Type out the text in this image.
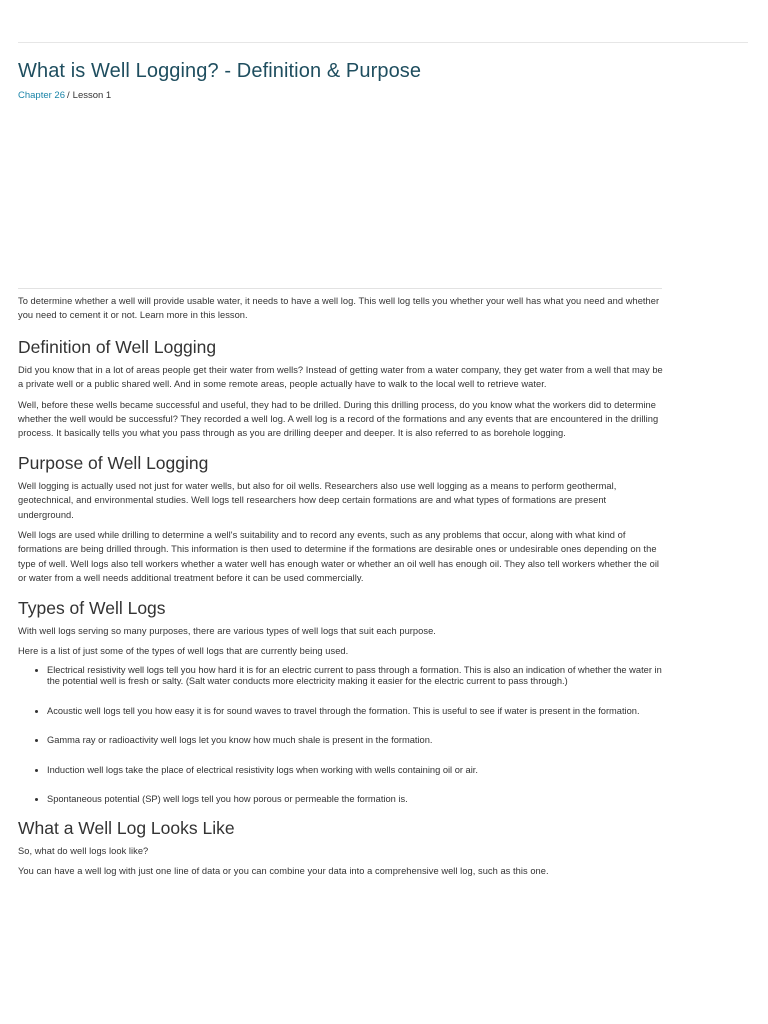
What is Well Logging? - Definition & Purpose
Chapter 26 / Lesson 1

To determine whether a well will provide usable water, it needs to have a well log. This well log tells you whether your well has what you need and whether you need to cement it or not. Learn more in this lesson.

Definition of Well Logging

Did you know that in a lot of areas people get their water from wells? Instead of getting water from a water company, they get water from a well that may be a private well or a public shared well. And in some remote areas, people actually have to walk to the local well to retrieve water.

Well, before these wells became successful and useful, they had to be drilled. During this drilling process, do you know what the workers did to determine whether the well would be successful? They recorded a well log. A well log is a record of the formations and any events that are encountered in the drilling process. It basically tells you what you pass through as you are drilling deeper and deeper. It is also referred to as borehole logging.

Purpose of Well Logging

Well logging is actually used not just for water wells, but also for oil wells. Researchers also use well logging as a means to perform geothermal, geotechnical, and environmental studies. Well logs tell researchers how deep certain formations are and what types of formations are present underground.

Well logs are used while drilling to determine a well's suitability and to record any events, such as any problems that occur, along with what kind of formations are being drilled through. This information is then used to determine if the formations are desirable ones or undesirable ones depending on the type of well. Well logs also tell workers whether a water well has enough water or whether an oil well has enough oil. They also tell workers whether the oil or water from a well needs additional treatment before it can be used commercially.

Types of Well Logs

With well logs serving so many purposes, there are various types of well logs that suit each purpose.

Here is a list of just some of the types of well logs that are currently being used.

• Electrical resistivity well logs tell you how hard it is for an electric current to pass through a formation. This is also an indication of whether the water in the potential well is fresh or salty. (Salt water conducts more electricity making it easier for the electric current to pass through.)
• Acoustic well logs tell you how easy it is for sound waves to travel through the formation. This is useful to see if water is present in the formation.
• Gamma ray or radioactivity well logs let you know how much shale is present in the formation.
• Induction well logs take the place of electrical resistivity logs when working with wells containing oil or air.
• Spontaneous potential (SP) well logs tell you how porous or permeable the formation is.
What a Well Log Looks Like

So, what do well logs look like?

You can have a well log with just one line of data or you can combine your data into a comprehensive well log, such as this one.
